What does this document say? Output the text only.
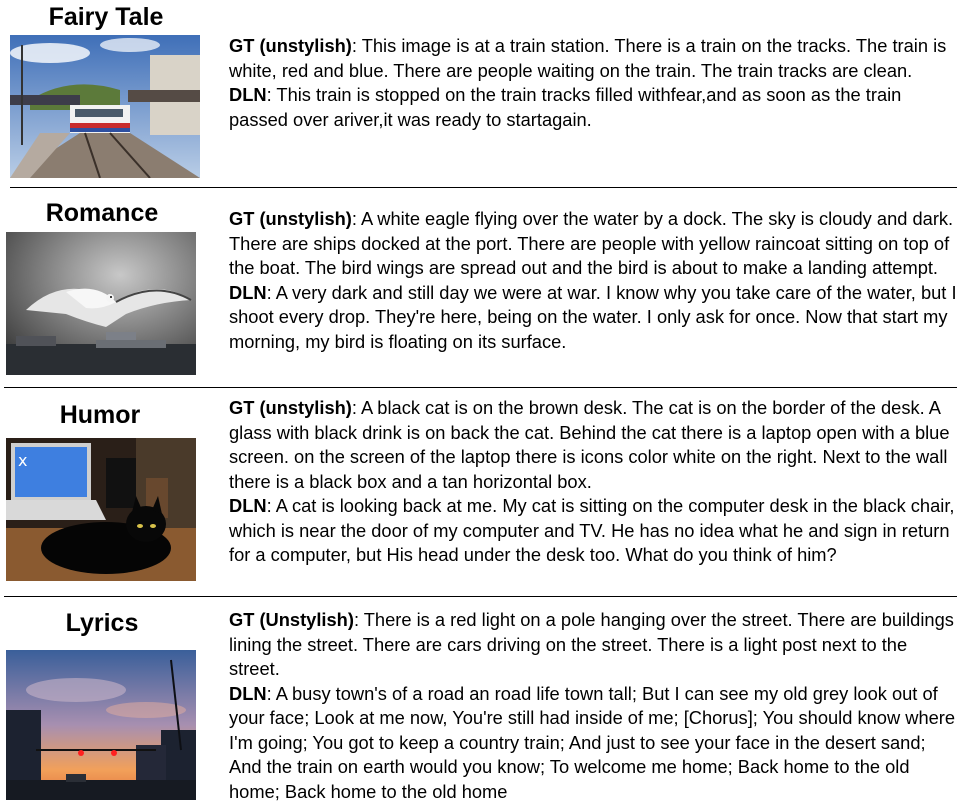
Fairy Tale

GT (unstylish): This image is at a train station. There is a train on the tracks. The train is white, red and blue. There are people waiting on the train. The train tracks are clean.

DLN: This train is stopped on the train tracks filled withfear,and as soon as the train passed over ariver,it was ready to startagain.

Romance	GT (unstylish): A white eagle flying over the water by a dock. The sky is cloudy and dark. There are ships docked at the port. There are people with yellow raincoat sitting on top of the boat. The bird wings are spread out and the bird is about to make a landing attempt.

DLN: A very dark and still day we were at war. I know why you take care of the water, but I shoot every drop. They're here, being on the water. I only ask for once. Now that start my morning, my bird is floating on its surface.

Humor
x

GT (unstylish): A black cat is on the brown desk. The cat is on the border of the desk. A glass with black drink is on back the cat. Behind the cat there is a laptop open with a blue screen. on the screen of the laptop there is icons color white on the right. Next to the wall there is a black box and a tan horizontal box.

DLN: A cat is looking back at me. My cat is sitting on the computer desk in the black chair, which is near the door of my computer and TV. He has no idea what he and sign in return for a computer, but His head under the desk too. What do you think of him?

Lyrics	GT (Unstylish): There is a red light on a pole hanging over the street. There are buildings lining the street. There are cars driving on the street. There is a light post next to the street.

DLN: A busy town's of a road an road life town tall; But I can see my old grey look out of your face; Look at me now, You're still had inside of me; [Chorus]; You should know where I'm going; You got to keep a country train; And just to see your face in the desert sand; And the train on earth would you know; To welcome me home; Back home to the old home; Back home to the old home
